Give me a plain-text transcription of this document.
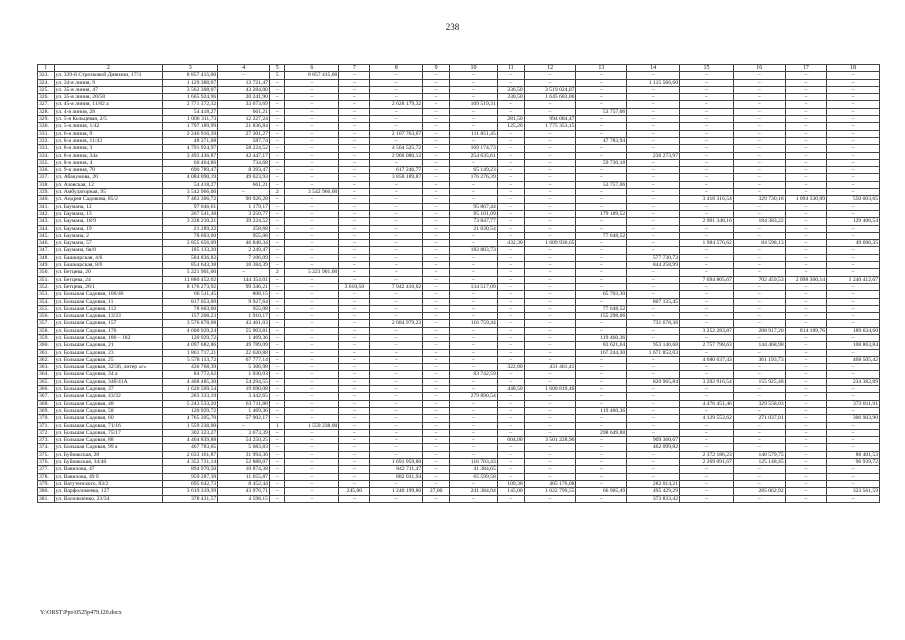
238
1	2	3	4	5	6	7	8	9	10	11	12	13	14	15	16	17	18
323.	ул. 339-й Стрелковой Дивизии, 17/3	8 857 415,00	–	5	8 857 415,00	–	–	–	–	–	–	–	–	–	–	–	–
324.	ул. 34-я линия, 9	1 129 388,07	13 721,47	–	–	–	–	–	–	–	–	–	1 115 566,60	–	–	–	–
325.	ул. 35-я линия, 47	3 562 308,07	43 284,00	–	–	–	–	–	–	336,50	3 519 024,07	–	–	–	–	–	–
326.	ул. 35-я линия, 20/58	1 665 924,96	20 241,90	–	–	–	–	–	–	330,50	1 645 683,06	–	–	–	–	–	–
327.	ул. 45-я линия, 11/82 а	2 771 372,32	33 673,69	–	–	–	2 628 179,32	–	109 519,31	–	–	–	–	–	–	–	–
328.	ул. 4-я линия, 28	54 418,27	661,21	–	–	–	–	–	–	–	–	53 757,06	–	–	–	–	–
329.	ул. 5-я Кольцевая, 2/5	1 006 311,73	12 227,24	–	–	–	–	–	–	281,50	994 084,47	–	–	–	–	–	–
330.	ул. 5-я линия, 1/42	1 797 189,99	21 836,84	–	–	–	–	–	–	125,20	1 775 353,15	–	–	–	–	–	–
331.	ул. 6-я линия, 9	2 246 916,39	27 301,27	–	–	–	2 107 763,67	–	111 851,45	–	–	–	–	–	–	–	–
332.	ул. 8-я линия, 11/43	48 371,68	587,74	–	–	–	–	–	–	–	–	47 783,94	–	–	–	–	–
333.	ул. 8-я линия, 3	4 791 924,97	58 224,52	–	–	–	4 564 525,72	–	169 174,73	–	–	–	–	–	–	–	–
334.	ул. 8-я линия, 34а	3 493 436,87	42 447,17	–	–	–	2 960 080,12	–	254 635,61	–	–	–	236 273,97	–	–	–	–
335.	ул. 8-я линия, 4	60 464,86	734,68	–	–	–	–	–	–	–	–	59 730,18	–	–	–	–	–
336.	ул. 9-я линия, 70	690 789,47	8 393,47	–	–	–	617 246,77	–	65 149,23	–	–	–	–	–	–	–	–
337.	ул. Абакумова, 20	4 084 090,19	49 623,93	–	–	–	3 858 189,87	–	176 276,39	–	–	–	–	–	–	–	–
338.	ул. Азовская, 12	54 418,27	661,21	–	–	–	–	–	–	–	–	53 757,06	–	–	–	–	–
339.	ул. Амбулаторная, 95	3 542 966,00	–	2	3 542 966,00	–	–	–	–	–	–	–	–	–	–	–	–
340.	ул. Андрея Садовова, 85/2	7 483 306,72	90 926,28	–	–	–	–	–	–	–	–	–	–	3 418 316,54	329 730,16	1 094 330,09	550 003,65
341.	ул. Баумана, 12	97 046,61	1 179,17	–	–	–	–	–	95 867,44	–	–	–	–	–	–	–	–
342.	ул. Баумана, 13	267 541,38	3 250,77	–	–	–	–	–	85 101,09	–	–	179 189,52	–	–	–	–	–
343.	ул. Баумана, 18/9	3 228 210,21	39 224,52	–	–	–	–	–	73 847,77	–	–	–	–	2 901 348,16	184 383,22	–	129 406,54
344.	ул. Баумана, 19	21 289,22	258,68	–	–	–	–	–	21 030,54	–	–	–	–	–	–	–	–
345.	ул. Баумана, 2	78 603,60	955,08	–	–	–	–	–	–	–	–	77 648,52	–	–	–	–	–
346.	ул. Баумана, 57	3 855 656,09	46 848,34	–	–	–	–	–	–	432,30	1 689 936,65	–	–	1 984 576,62	84 598,13	–	49 696,35
347.	ул. Баумана, 6в/8	185 133,20	2 249,47	–	–	–	–	–	182 883,73	–	–	–	–	–	–	–	–
348.	ул. Башкирская, 4/6	584 836,82	7 106,09	–	–	–	–	–	–	–	–	–	577 730,73	–	–	–	–
349.	ул. Башкирская, 8/6	854 643,38	10 384,39	–	–	–	–	–	–	–	–	–	844 258,99	–	–	–	–
350.	ул. Бетцева, 20	5 221 901,00	–	2	5 221 901,00	–	–	–	–	–	–	–	–	–	–	–	–
351.	ул. Бетцева, 24	11 880 452,02	144 354,01	–	–	–	–	–	–	–	–	–	–	7 694 805,67	702 459,53	2 098 360,14	1 240 412,67
352.	ул. Бетцева, 26/1	8 176 273,92	99 346,21	–	–	3 610,50	7 942 410,62	–	134 517,09	–	–	–	–	–	–	–	–
353.	ул. Большая Садовая, 106/46	66 511,45	808,15	–	–	–	–	–	–	–	–	65 703,30	–	–	–	–	–
354.	ул. Большая Садовая, 11	817 053,09	9 927,64	–	–	–	–	–	–	–	–	–	807 125,45	–	–	–	–
355.	ул. Большая Садовая, 112	78 603,60	955,08	–	–	–	–	–	–	–	–	77 648,52	–	–	–	–	–
356.	ул. Большая Садовая, 13/33	157 208,23	1 910,17	–	–	–	–	–	–	–	–	155 298,06	–	–	–	–	–
357.	ул. Большая Садовая, 157	3 576 878,08	43 461,03	–	–	–	2 684 979,23	–	116 759,44	–	–	–	731 678,38	–	–	–	–
358.	ул. Большая Садовая, 176	4 600 929,24	55 903,81	–	–	–	–	–	–	–	–	–	–	3 252 283,87	288 917,20	814 189,76	189 634,60
359.	ул. Большая Садовая, 180 – 182	120 929,72	1 469,36	–	–	–	–	–	–	–	–	119 460,36	–	–	–	–	–
360.	ул. Большая Садовая, 21	4 097 682,86	49 789,09	–	–	–	–	–	–	–	–	83 621,64	953 140,68	2 757 798,63	144 468,98	–	108 863,84
361.	ул. Большая Садовая, 23	1 861 717,21	22 620,88	–	–	–	–	–	–	–	–	167 244,30	1 671 852,03	–	–	–	–
362.	ул. Большая Садовая, 25	5 578 113,72	67 777,14	–	–	–	–	–	–	–	–	–	–	4 680 637,43	361 193,73	–	468 505,42
363.	ул. Большая Садовая, 32/36, литер «г»	436 768,39	5 306,98	–	–	–	–	–	–	322,80	431 461,41	–	–	–	–	–	–
364.	ул. Большая Садовая, 34 а	84 772,62	1 030,03	–	–	–	–	–	83 742,59	–	–	–	–	–	–	–	–
365.	ул. Большая Садовая, 34б/41А	4 468 485,30	54 294,55	–	–	–	–	–	–	–	–	–	820 965,84	3 202 916,54	155 925,48	–	234 382,89
366.	ул. Большая Садовая, 37	1 620 509,54	19 690,08	–	–	–	–	–	–	448,50	1 600 819,46	–	–	–	–	–	–
367.	ул. Большая Садовая, 43/32	283 333,19	3 442,65	–	–	–	–	–	279 890,54	–	–	–	–	–	–	–	–
368.	ул. Большая Садовая, 48	5 243 533,20	63 711,80	–	–	–	–	–	–	–	–	–	–	4 476 451,46	329 558,03	–	373 811,91
369.	ул. Большая Садовая, 58	120 929,72	1 469,36	–	–	–	–	–	–	–	–	119 460,36	–	–	–	–	–
370.	ул. Большая Садовая, 60	4 765 395,70	57 902,17	–	–	–	–	–	–	–	–	–	–	4 129 552,62	271 037,01	–	306 903,90
371.	ул. Большая Садовая, 71/16	1 559 238,00	–	1	1 559 238,00	–	–	–	–	–	–	–	–	–	–	–	–
372.	ул. Большая Садовая, 75/17	302 323,27	3 673,39	–	–	–	–	–	–	–	–	298 649,88	–	–	–	–	–
373.	ул. Большая Садовая, 88	4 464 839,88	54 250,25	–	–	–	–	–	–	604,00	3 501 228,96	–	909 360,67	–	–	–	–
374.	ул. Большая Садовая, 99 а	467 783,65	5 683,83	–	–	–	–	–	–	–	–	–	462 099,82	–	–	–	–
375.	ул. Буйнакская, 28	2 633 161,87	31 994,36	–	–	–	–	–	–	–	–	–	–	2 372 186,23	140 579,75	–	88 401,53
376.	ул. Буйнакская, 34/40	4 352 731,14	52 888,07	–	–	–	1 691 959,80	–	116 703,43	–	–	–	–	2 269 091,67	125 148,45	–	96 939,72
377.	ул. Вавилова, 47	894 970,50	10 874,38	–	–	–	842 711,47	–	41 384,65	–	–	–	–	–	–	–	–
378.	ул. Вавилова, 49 б	959 287,39	11 655,87	–	–	–	882 031,94	–	65 599,58	–	–	–	–	–	–	–	–
379.	ул. Ватутенского, 83/2	695 642,73	8 452,44	–	–	–	–	–	–	109,30	405 176,08	–	282 014,21	–	–	–	–
380.	ул. Варфоломеева, 127	3 619 319,39	43 976,71	–	–	245,00	1 240 199,80	27,00	241 384,04	145,00	1 022 799,55	66 905,49	495 429,29	–	285 062,92	–	323 561,59
381.	ул. Васильченко, 23/34	378 431,57	4 598,15	–	–	–	–	–	–	–	–	–	373 833,42	–	–	–	–
Y:\ORST\Ppo\0525p479.f20.docx
